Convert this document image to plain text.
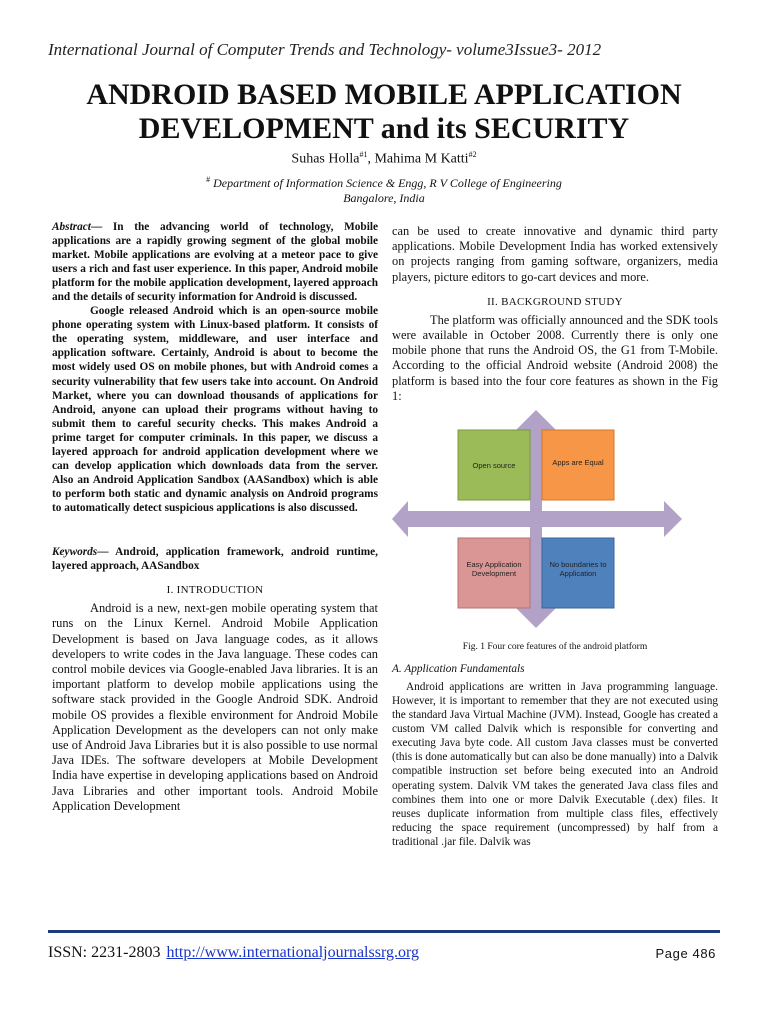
International Journal of Computer Trends and Technology- volume3Issue3- 2012
ANDROID BASED MOBILE APPLICATION
DEVELOPMENT and its SECURITY
Suhas Holla$^{\#1}$, Mahima M Katti$^{\#2}$
# Department of Information Science & Engg, R V College of Engineering
Bangalore, India

Abstract— In the advancing world of technology, Mobile applications are a rapidly growing segment of the global mobile market. Mobile applications are evolving at a meteor pace to give users a rich and fast user experience. In this paper, Android mobile platform for the mobile application development, layered approach and the details of security information for Android is discussed.

Google released Android which is an open-source mobile phone operating system with Linux-based platform. It consists of the operating system, middleware, and user interface and application software. Certainly, Android is about to become the most widely used OS on mobile phones, but with Android comes a security vulnerability that few users take into account. On Android Market, where you can download thousands of applications for Android, anyone can upload their programs without having to submit them to careful security checks. This makes Android a prime target for computer criminals. In this paper, we discuss a layered approach for android application development where we can develop application which downloads data from the server. Also an Android Application Sandbox (AASandbox) which is able to perform both static and dynamic analysis on Android programs to automatically detect suspicious applications is also discussed.

Keywords— Android, application framework, android runtime, layered approach, AASandbox

I. INTRODUCTION

Android is a new, next-gen mobile operating system that runs on the Linux Kernel. Android Mobile Application Development is based on Java language codes, as it allows developers to write codes in the Java language. These codes can control mobile devices via Google-enabled Java libraries. It is an important platform to develop mobile applications using the software stack provided in the Google Android SDK. Android mobile OS provides a flexible environment for Android Mobile Application Development as the developers can not only make use of Android Java Libraries but it is also possible to use normal Java IDEs. The software developers at Mobile Development India have expertise in developing applications based on Android Java Libraries and other important tools. Android Mobile Application Development

can be used to create innovative and dynamic third party applications. Mobile Development India has worked extensively on projects ranging from gaming software, organizers, media players, picture editors to go-cart devices and more.

II. BACKGROUND STUDY

The platform was officially announced and the SDK tools were available in October 2008. Currently there is only one mobile phone that runs the Android OS, the G1 from T-Mobile. According to the official Android website (Android 2008) the platform is based into the four core features as shown in the Fig 1:

Open source	Apps are Equal
Easy Application
Development
No boundaries to
Application
Fig. 1 Four core features of the android platform
A. Application Fundamentals

Android applications are written in Java programming language. However, it is important to remember that they are not executed using the standard Java Virtual Machine (JVM). Instead, Google has created a custom VM called Dalvik which is responsible for converting and executing Java byte code. All custom Java classes must be converted (this is done automatically but can also be done manually) into a Dalvik compatible instruction set before being executed into an Android operating system. Dalvik VM takes the generated Java class files and combines them into one or more Dalvik Executable (.dex) files. It reuses duplicate information from multiple class files, effectively reducing the space requirement (uncompressed) by half from a traditional .jar file. Dalvik was

ISSN: 2231-2803 http://www.internationaljournalssrg.org	Page 486
